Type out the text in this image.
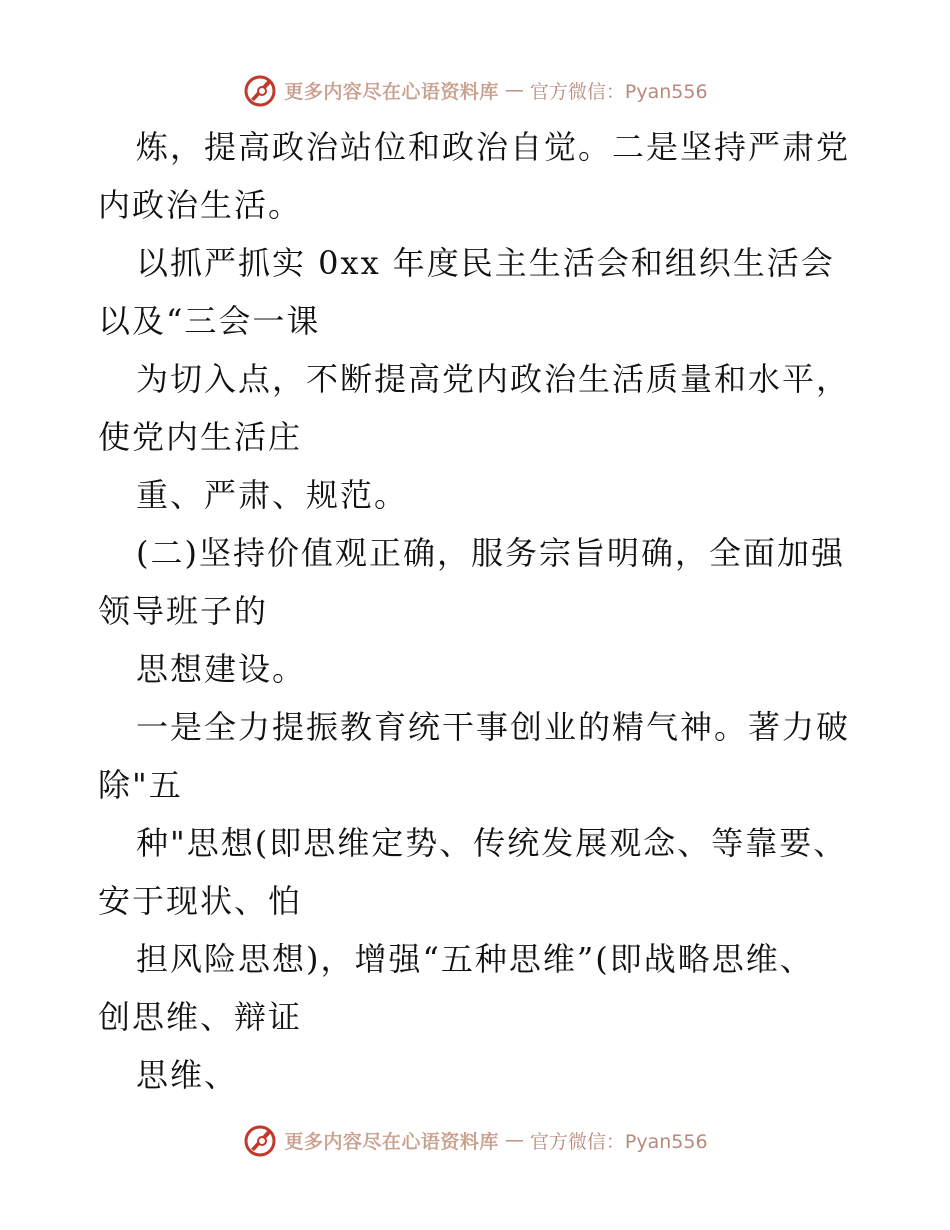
更多内容尽在心语资料库 — 官方微信：Pyan556
炼，提高政治站位和政治自觉。二是坚持严肃党
内政治生活。
以抓严抓实 0xx 年度民主生活会和组织生活会
以及“三会一课
为切入点，不断提高党内政治生活质量和水平，
使党内生活庄
重、严肃、规范。
(二)坚持价值观正确，服务宗旨明确，全面加强
领导班子的
思想建设。
一是全力提振教育统干事创业的精气神。著力破
除"五
种"思想(即思维定势、传统发展观念、等靠要、
安于现状、怕
担风险思想)，增强“五种思维”(即战略思维、
创思维、辩证
思维、
更多内容尽在心语资料库 — 官方微信：Pyan556
